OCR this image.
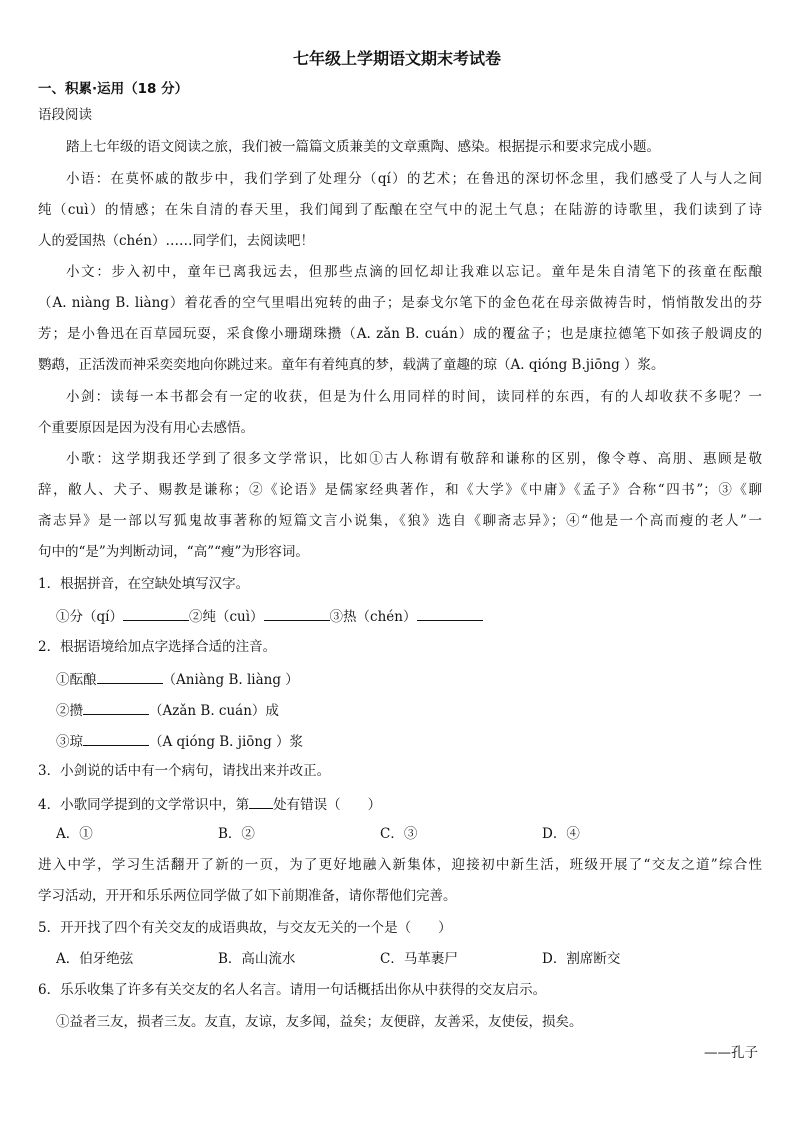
七年级上学期语文期末考试卷
一、积累·运用（18 分）
语段阅读
踏上七年级的语文阅读之旅，我们被一篇篇文质兼美的文章熏陶、感染。根据提示和要求完成小题。
小语：在莫怀戚的散步中，我们学到了处理分（qí）的艺术；在鲁迅的深切怀念里，我们感受了人与人之间
纯（cuì）的情感；在朱自清的春天里，我们闻到了酝酿在空气中的泥土气息；在陆游的诗歌里，我们读到了诗
人的爱国热（chén）……同学们，去阅读吧！
小文：步入初中，童年已离我远去，但那些点滴的回忆却让我难以忘记。童年是朱自清笔下的孩童在酝酿
（A. niàng B. liàng）着花香的空气里唱出宛转的曲子；是泰戈尔笔下的金色花在母亲做祷告时，悄悄散发出的芬
芳；是小鲁迅在百草园玩耍，采食像小珊瑚珠攒（A. zǎn B. cuán）成的覆盆子；也是康拉德笔下如孩子般调皮的
鹦鹉，正活泼而神采奕奕地向你跳过来。童年有着纯真的梦，载满了童趣的琼（A. qióng B.jiōng ）浆。
小剑：读每一本书都会有一定的收获，但是为什么用同样的时间，读同样的东西，有的人却收获不多呢？一
个重要原因是因为没有用心去感悟。
小歌：这学期我还学到了很多文学常识，比如①古人称谓有敬辞和谦称的区别，像令尊、高朋、惠顾是敬
辞，敝人、犬子、赐教是谦称；②《论语》是儒家经典著作，和《大学》《中庸》《孟子》合称“四书”；③《聊
斋志异》是一部以写狐鬼故事著称的短篇文言小说集，《狼》选自《聊斋志异》；④“他是一个高而瘦的老人”一
句中的“是”为判断动词，“高”“瘦”为形容词。
1．根据拼音，在空缺处填写汉字。
①分（qí）	②纯（cuì）	③热（chén）
2．根据语境给加点字选择合适的注音。
①酝酿	（Aniàng B. liàng ）
②攒	（Azǎn B. cuán）成
③琼	（A qióng B. jiōng ）浆
3．小剑说的话中有一个病句，请找出来并改正。
4．小歌同学提到的文学常识中，第 处有错误（　　）
A．①	B．②	C．③	D．④
进入中学，学习生活翻开了新的一页，为了更好地融入新集体，迎接初中新生活，班级开展了“交友之道”综合性
学习活动，开开和乐乐两位同学做了如下前期准备，请你帮他们完善。
5．开开找了四个有关交友的成语典故，与交友无关的一个是（　　）
A．伯牙绝弦	B．高山流水	C．马革裹尸	D．割席断交
6．乐乐收集了许多有关交友的名人名言。请用一句话概括出你从中获得的交友启示。
①益者三友，损者三友。友直，友谅，友多闻，益矣；友便辟，友善采，友使佞，损矣。
——孔子
